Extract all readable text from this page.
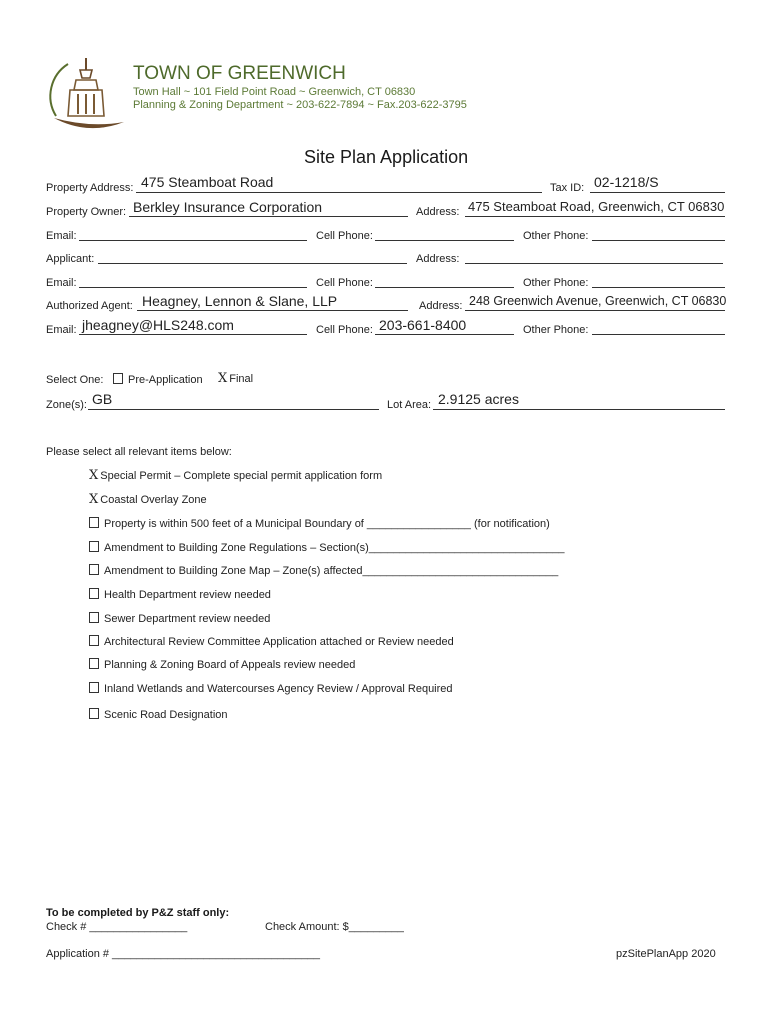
TOWN OF GREENWICH
Town Hall ~ 101 Field Point Road ~ Greenwich, CT 06830
Planning & Zoning Department ~ 203-622-7894 ~ Fax.203-622-3795
Site Plan Application
Property Address: 475 Steamboat Road	Tax ID: 02-1218/S
Property Owner: Berkley Insurance Corporation	Address: 475 Steamboat Road, Greenwich, CT 06830
Email:	Cell Phone:	Other Phone:
Applicant:	Address:
Email:	Cell Phone:	Other Phone:
Authorized Agent: Heagney, Lennon & Slane, LLP	Address: 248 Greenwich Avenue, Greenwich, CT 06830
Email: jheagney@HLS248.com	Cell Phone: 203-661-8400	Other Phone:
Select One:	Pre-Application X Final
Zone(s): GB	Lot Area: 2.9125 acres
Please select all relevant items below:
X Special Permit – Complete special permit application form
X Coastal Overlay Zone
Property is within 500 feet of a Municipal Boundary of _________________ (for notification)
Amendment to Building Zone Regulations – Section(s)________________________________
Amendment to Building Zone Map – Zone(s) affected________________________________
Health Department review needed
Sewer Department review needed
Architectural Review Committee Application attached or Review needed
Planning & Zoning Board of Appeals review needed
Inland Wetlands and Watercourses Agency Review / Approval Required
Scenic Road Designation
To be completed by P&Z staff only:
Check # ________________	Check Amount: $_________
Application # __________________________________	pzSitePlanApp 2020
